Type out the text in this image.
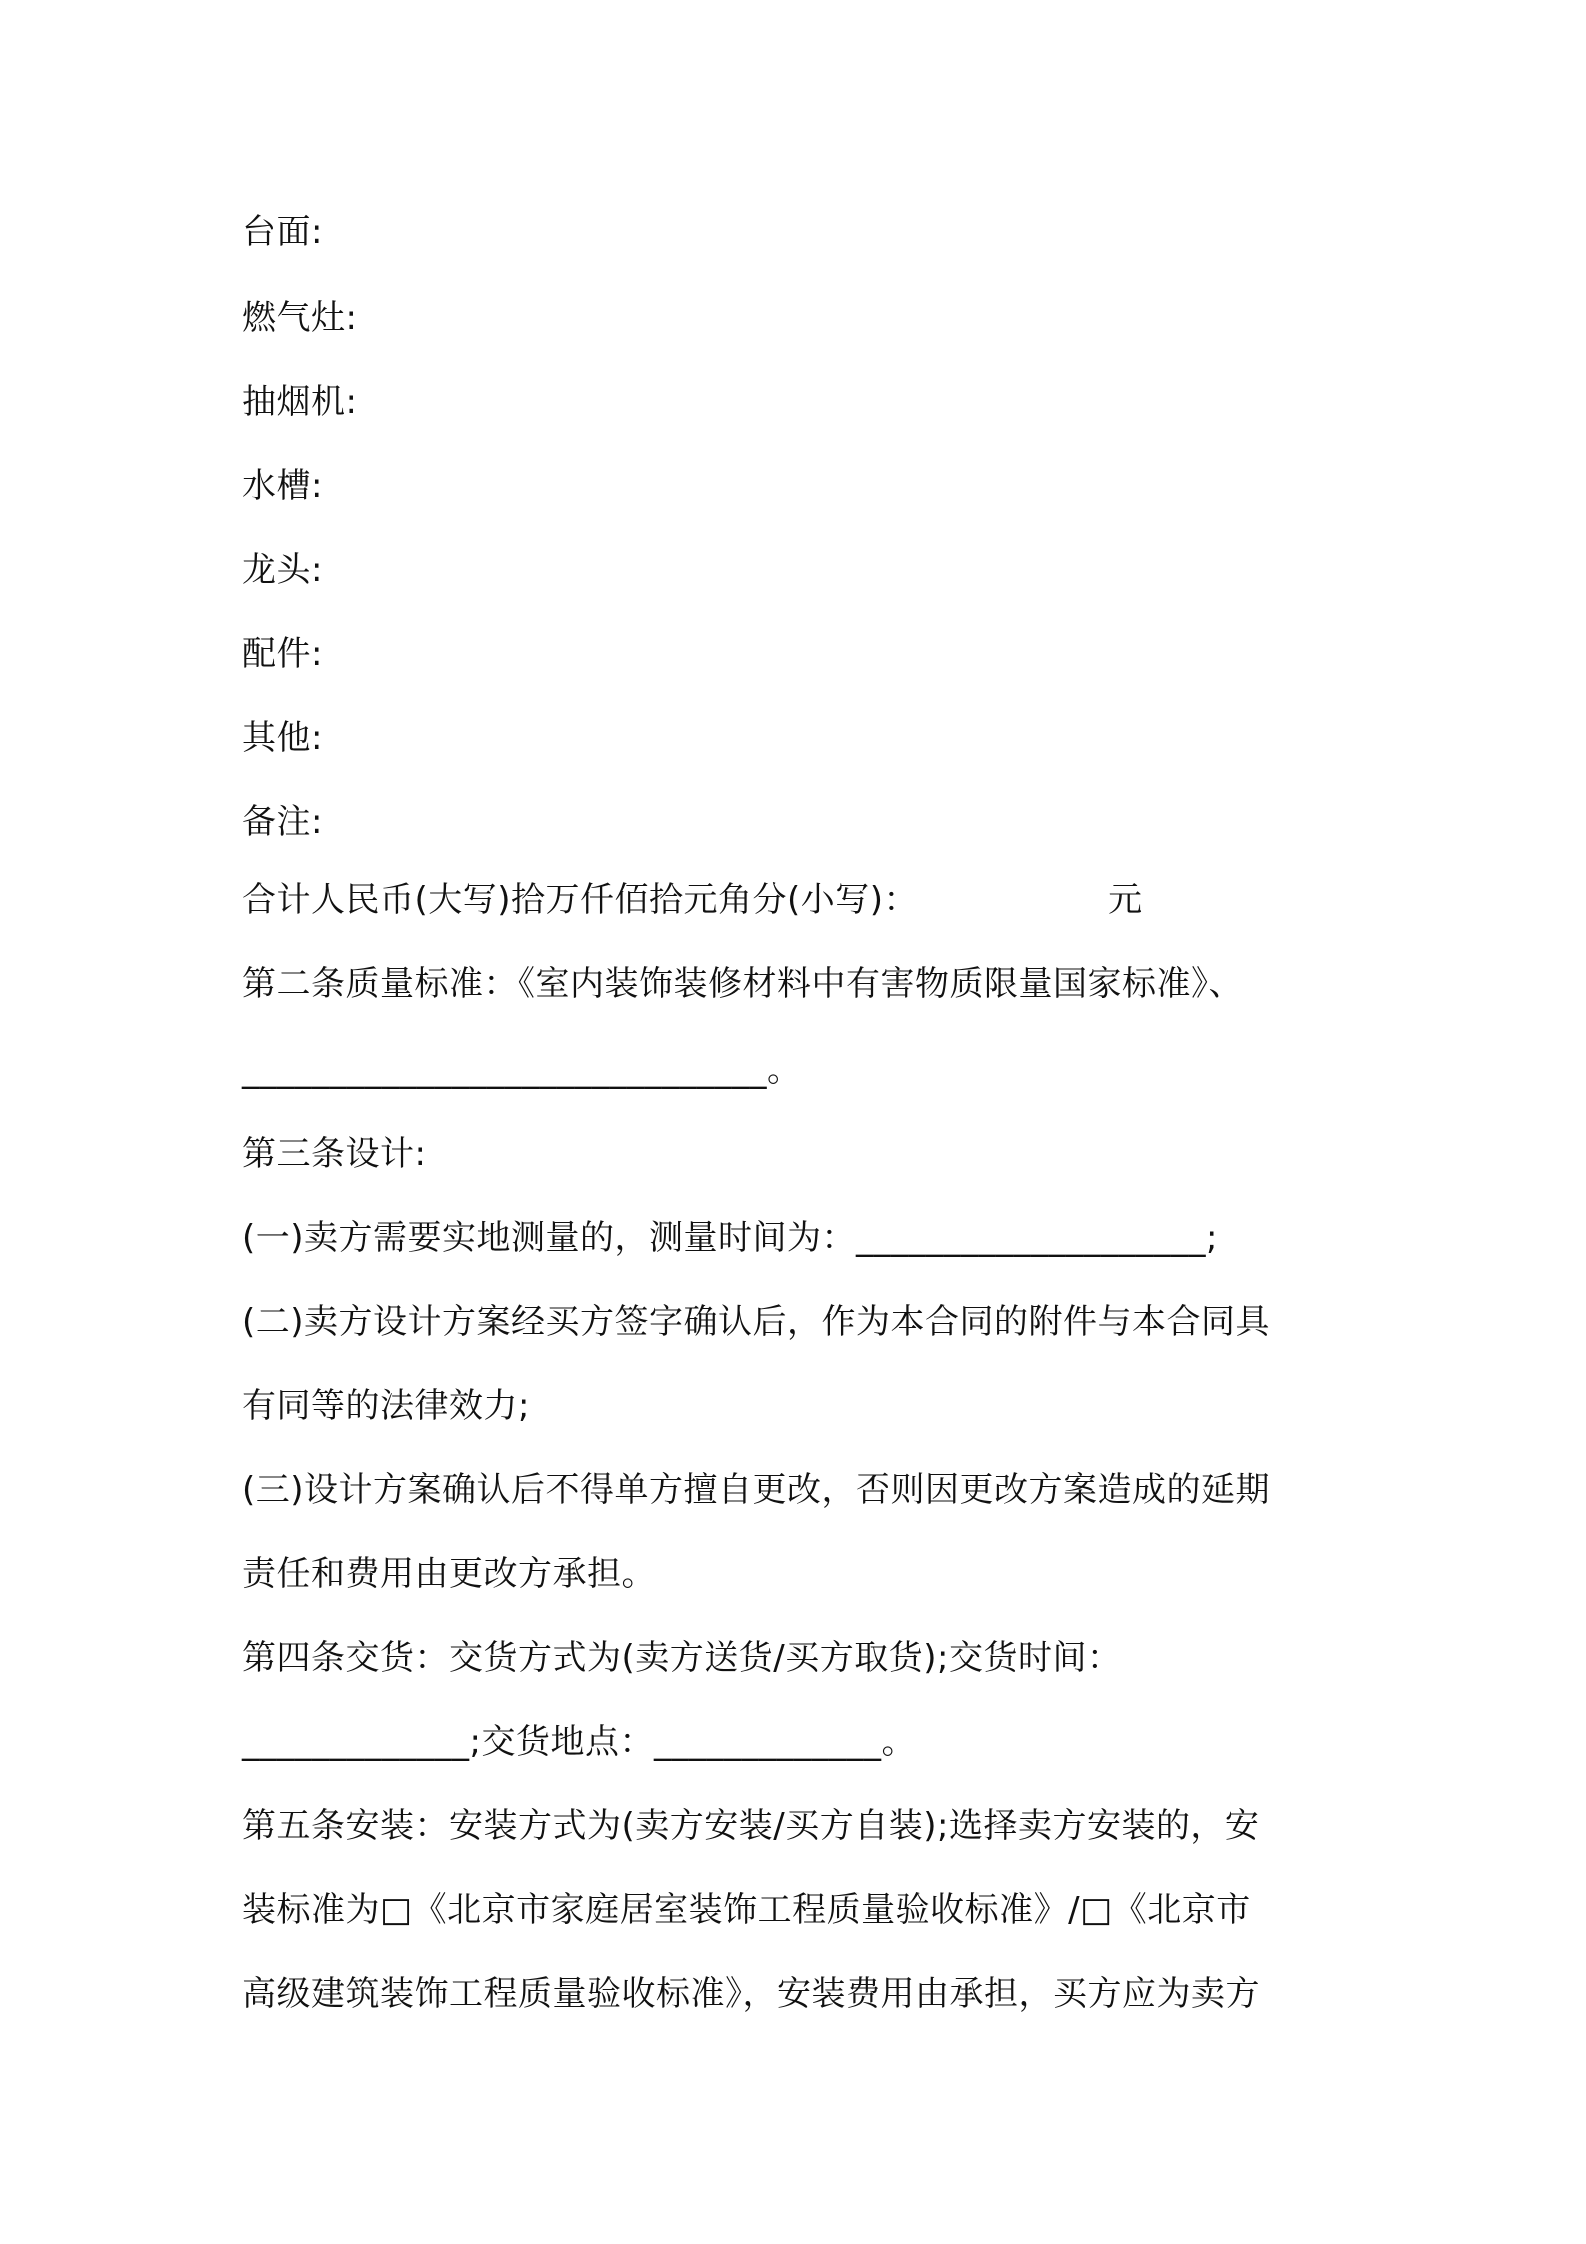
台面:
燃气灶:
抽烟机:
水槽:
龙头:
配件:
其他:
备注:
合计人民币(大写)拾万仟佰拾元角分(小写)：	元
第二条质量标准：《室内装饰装修材料中有害物质限量国家标准》、
______________________________。
第三条设计:
(一)卖方需要实地测量的，测量时间为：____________________;
(二)卖方设计方案经买方签字确认后，作为本合同的附件与本合同具
有同等的法律效力;
(三)设计方案确认后不得单方擅自更改，否则因更改方案造成的延期
责任和费用由更改方承担。
第四条交货：交货方式为(卖方送货/买方取货);交货时间：
_____________;交货地点：_____________。
第五条安装：安装方式为(卖方安装/买方自装);选择卖方安装的，安
装标准为□《北京市家庭居室装饰工程质量验收标准》/□《北京市
高级建筑装饰工程质量验收标准》，安装费用由承担，买方应为卖方
